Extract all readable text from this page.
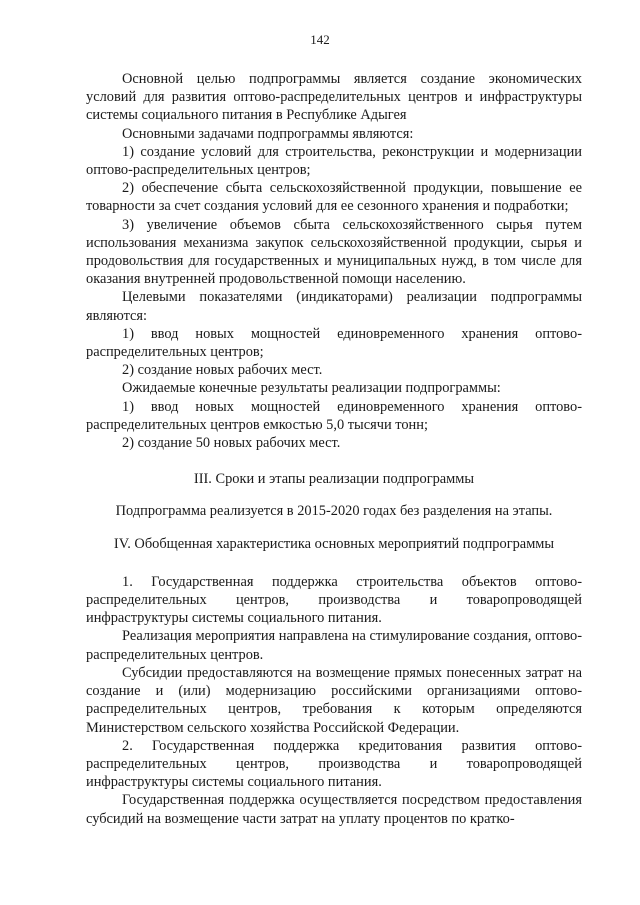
142

Основной целью подпрограммы является создание экономических условий для развития оптово-распределительных центров и инфраструктуры системы социального питания в Республике Адыгея

Основными задачами подпрограммы являются:

1) создание условий для строительства, реконструкции и модернизации оптово-распределительных центров;

2) обеспечение сбыта сельскохозяйственной продукции, повышение ее товарности за счет создания условий для ее сезонного хранения и подработки;

3) увеличение объемов сбыта сельскохозяйственного сырья путем использования механизма закупок сельскохозяйственной продукции, сырья и продовольствия для государственных и муниципальных нужд, в том числе для оказания внутренней продовольственной помощи населению.

Целевыми показателями (индикаторами) реализации подпрограммы являются:

1) ввод новых мощностей единовременного хранения оптово-распределительных центров;

2) создание новых рабочих мест.

Ожидаемые конечные результаты реализации подпрограммы:

1) ввод новых мощностей единовременного хранения оптово-распределительных центров емкостью 5,0 тысячи тонн;

2) создание 50 новых рабочих мест.

III. Сроки и этапы реализации подпрограммы

Подпрограмма реализуется в 2015-2020 годах без разделения на этапы.

IV. Обобщенная характеристика основных мероприятий подпрограммы

1. Государственная поддержка строительства объектов оптово-распределительных центров, производства и товаропроводящей инфраструктуры системы социального питания.

Реализация мероприятия направлена на стимулирование создания, оптово-распределительных центров.

Субсидии предоставляются на возмещение прямых понесенных затрат на создание и (или) модернизацию российскими организациями оптово-распределительных центров, требования к которым определяются Министерством сельского хозяйства Российской Федерации.

2. Государственная поддержка кредитования развития оптово-распределительных центров, производства и товаропроводящей инфраструктуры системы социального питания.

Государственная поддержка осуществляется посредством предоставления субсидий на возмещение части затрат на уплату процентов по кратко-
